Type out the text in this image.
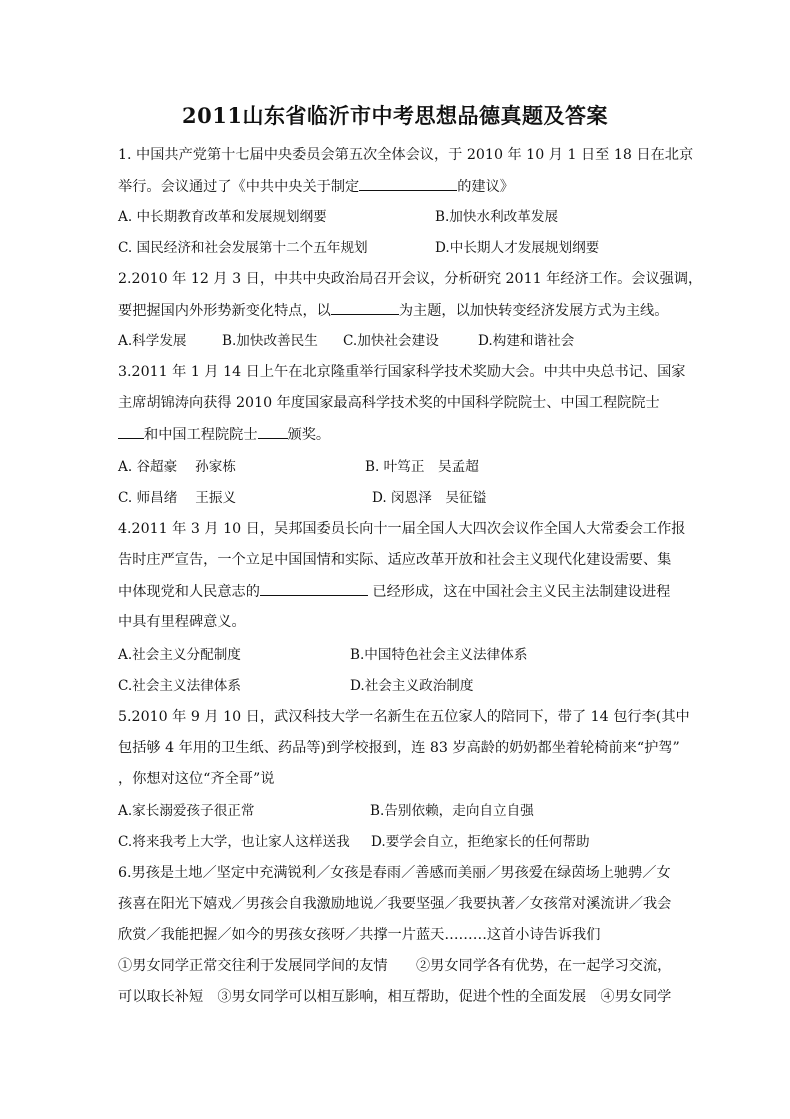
2011山东省临沂市中考思想品德真题及答案
1. 中国共产党第十七届中央委员会第五次全体会议，于 2010 年 10 月 1 日至 18 日在北京
举行。会议通过了《中共中央关于制定	的建议》
A. 中长期教育改革和发展规划纲要	B.加快水利改革发展
C. 国民经济和社会发展第十二个五年规划	D.中长期人才发展规划纲要
2.2010 年 12 月 3 日，中共中央政治局召开会议，分析研究 2011 年经济工作。会议强调，
要把握国内外形势新变化特点，以	为主题，以加快转变经济发展方式为主线。
A.科学发展	B.加快改善民生 C.加快社会建设	D.构建和谐社会
3.2011 年 1 月 14 日上午在北京隆重举行国家科学技术奖励大会。中共中央总书记、国家
主席胡锦涛向获得 2010 年度国家最高科学技术奖的中国科学院院士、中国工程院院士
和中国工程院院士 颁奖。
A. 谷超豪　 孙家栋	B. 叶笃正　吴孟超
C. 师昌绪　 王振义	D. 闵恩泽　吴征镒
4.2011 年 3 月 10 日，吴邦国委员长向十一届全国人大四次会议作全国人大常委会工作报
告时庄严宣告，一个立足中国国情和实际、适应改革开放和社会主义现代化建设需要、集
中体现党和人民意志的	已经形成，这在中国社会主义民主法制建设进程
中具有里程碑意义。
A.社会主义分配制度	B.中国特色社会主义法律体系
C.社会主义法律体系	D.社会主义政治制度
5.2010 年 9 月 10 日，武汉科技大学一名新生在五位家人的陪同下，带了 14 包行李(其中
包括够 4 年用的卫生纸、药品等)到学校报到，连 83 岁高龄的奶奶都坐着轮椅前来“护驾”
，你想对这位“齐全哥”说
A.家长溺爱孩子很正常	B.告别依赖，走向自立自强
C.将来我考上大学，也让家人这样送我 D.要学会自立，拒绝家长的任何帮助
6.男孩是土地／坚定中充满锐利／女孩是春雨／善感而美丽／男孩爱在绿茵场上驰骋／女
孩喜在阳光下嬉戏／男孩会自我激励地说／我要坚强／我要执著／女孩常对溪流讲／我会
欣赏／我能把握／如今的男孩女孩呀／共撑一片蓝天………这首小诗告诉我们
①男女同学正常交往利于发展同学间的友情　　②男女同学各有优势，在一起学习交流，
可以取长补短　③男女同学可以相互影响，相互帮助，促进个性的全面发展　④男女同学
